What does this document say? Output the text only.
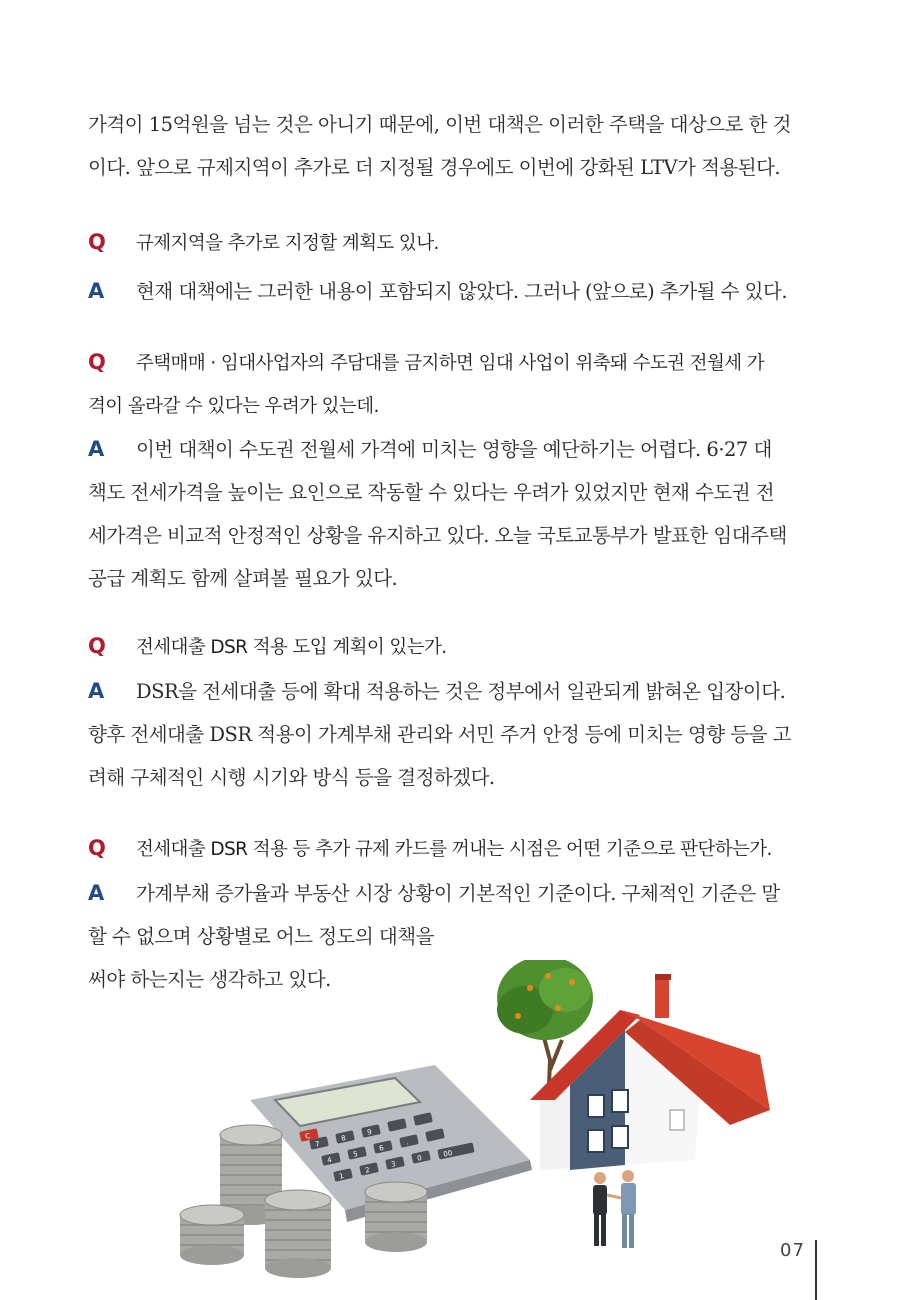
가격이 15억원을 넘는 것은 아니기 때문에, 이번 대책은 이러한 주택을 대상으로 한 것
이다. 앞으로 규제지역이 추가로 더 지정될 경우에도 이번에 강화된 LTV가 적용된다.

Q 규제지역을 추가로 지정할 계획도 있나.

A 현재 대책에는 그러한 내용이 포함되지 않았다. 그러나 (앞으로) 추가될 수 있다.

Q 주택매매 · 임대사업자의 주담대를 금지하면 임대 사업이 위축돼 수도권 전월세 가
격이 올라갈 수 있다는 우려가 있는데.
A 이번 대책이 수도권 전월세 가격에 미치는 영향을 예단하기는 어렵다. 6·27 대
책도 전세가격을 높이는 요인으로 작동할 수 있다는 우려가 있었지만 현재 수도권 전
세가격은 비교적 안정적인 상황을 유지하고 있다. 오늘 국토교통부가 발표한 임대주택
공급 계획도 함께 살펴볼 필요가 있다.

Q 전세대출 DSR 적용 도입 계획이 있는가.

A DSR을 전세대출 등에 확대 적용하는 것은 정부에서 일관되게 밝혀온 입장이다.
향후 전세대출 DSR 적용이 가계부채 관리와 서민 주거 안정 등에 미치는 영향 등을 고
려해 구체적인 시행 시기와 방식 등을 결정하겠다.

Q 전세대출 DSR 적용 등 추가 규제 카드를 꺼내는 시점은 어떤 기준으로 판단하는가.

A 가계부채 증가율과 부동산 시장 상황이 기본적인 기준이다. 구체적인 기준은 말
할 수 없으며 상황별로 어느 정도의 대책을
써야 하는지는 생각하고 있다.
C
7
8
9
4
5
6
1
2
3
0	00
.
07
